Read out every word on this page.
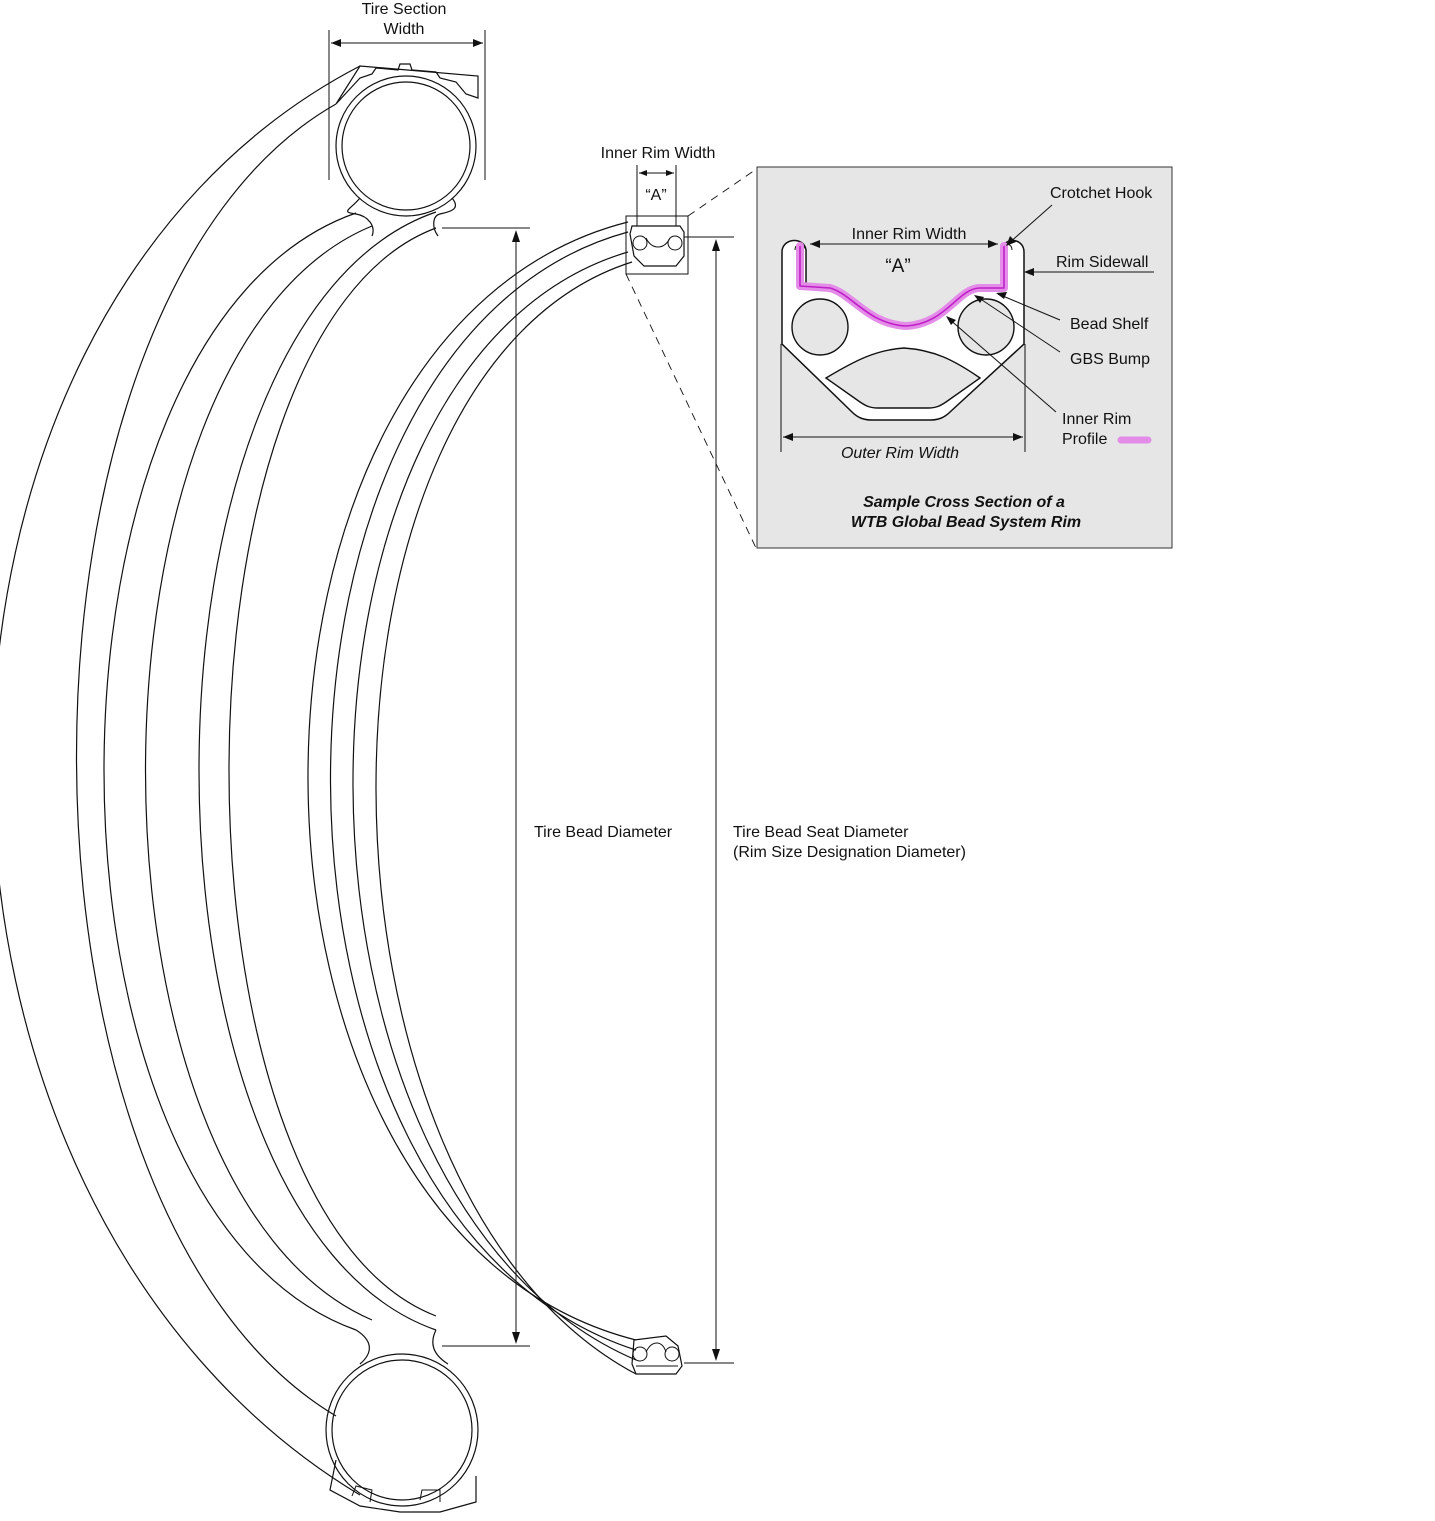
Tire Section
Width
Inner Rim Width
“A”
Tire Bead Diameter	Tire Bead Seat Diameter
(Rim Size Designation Diameter)
Crotchet Hook
Inner Rim Width
“A”	Rim Sidewall
Bead Shelf
GBS Bump
Inner Rim
Profile
Outer Rim Width
Sample Cross Section of a
WTB Global Bead System Rim
